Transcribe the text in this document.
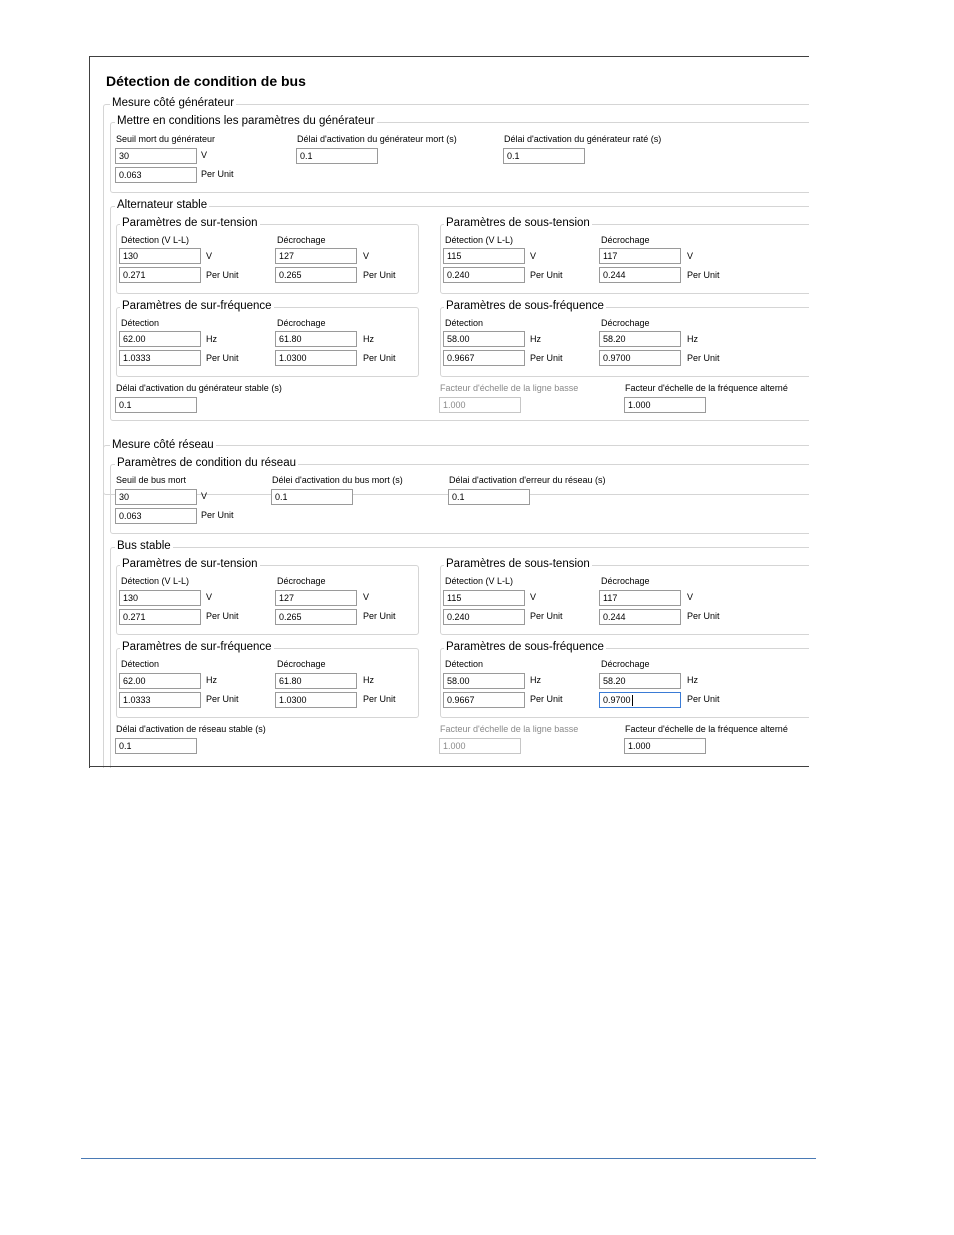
Détection de condition de bus
Mesure côté générateur
Mettre en conditions les paramètres du générateur
Seuil mort du générateur
30	V
0.063	Per Unit
Délai d'activation du générateur mort (s)
0.1
Délai d'activation du générateur raté (s)
0.1
Alternateur stable
Paramètres de sur-tension
Détection (V L-L)
130	V
0.271	Per Unit
Décrochage
127	V
0.265	Per Unit
Paramètres de sous-tension
Détection (V L-L)
115	V
0.240	Per Unit
Décrochage
117	V
0.244	Per Unit
Paramètres de sur-fréquence
Détection
62.00	Hz
1.0333	Per Unit
Décrochage
61.80	Hz
1.0300	Per Unit
Paramètres de sous-fréquence
Détection
58.00	Hz
0.9667	Per Unit
Décrochage
58.20	Hz
0.9700	Per Unit
Délai d'activation du générateur stable (s)
0.1
Facteur d'échelle de la ligne basse
1.000
Facteur d'échelle de la fréquence alterné
1.000
Mesure côté réseau
Paramètres de condition du réseau
Seuil de bus mort
30	V
0.063	Per Unit
Délei d'activation du bus mort (s)
0.1
Délai d'activation d'erreur du réseau (s)
0.1
Bus stable
Paramètres de sur-tension
Détection (V L-L)
130	V
0.271	Per Unit
Décrochage
127	V
0.265	Per Unit
Paramètres de sous-tension
Détection (V L-L)
115	V
0.240	Per Unit
Décrochage
117	V
0.244	Per Unit
Paramètres de sur-fréquence
Détection
62.00	Hz
1.0333	Per Unit
Décrochage
61.80	Hz
1.0300	Per Unit
Paramètres de sous-fréquence
Détection
58.00	Hz
0.9667	Per Unit
Décrochage
58.20	Hz
0.9700	Per Unit
Délai d'activation de réseau stable (s)
0.1
Facteur d'échelle de la ligne basse
1.000
Facteur d'échelle de la fréquence alterné
1.000
